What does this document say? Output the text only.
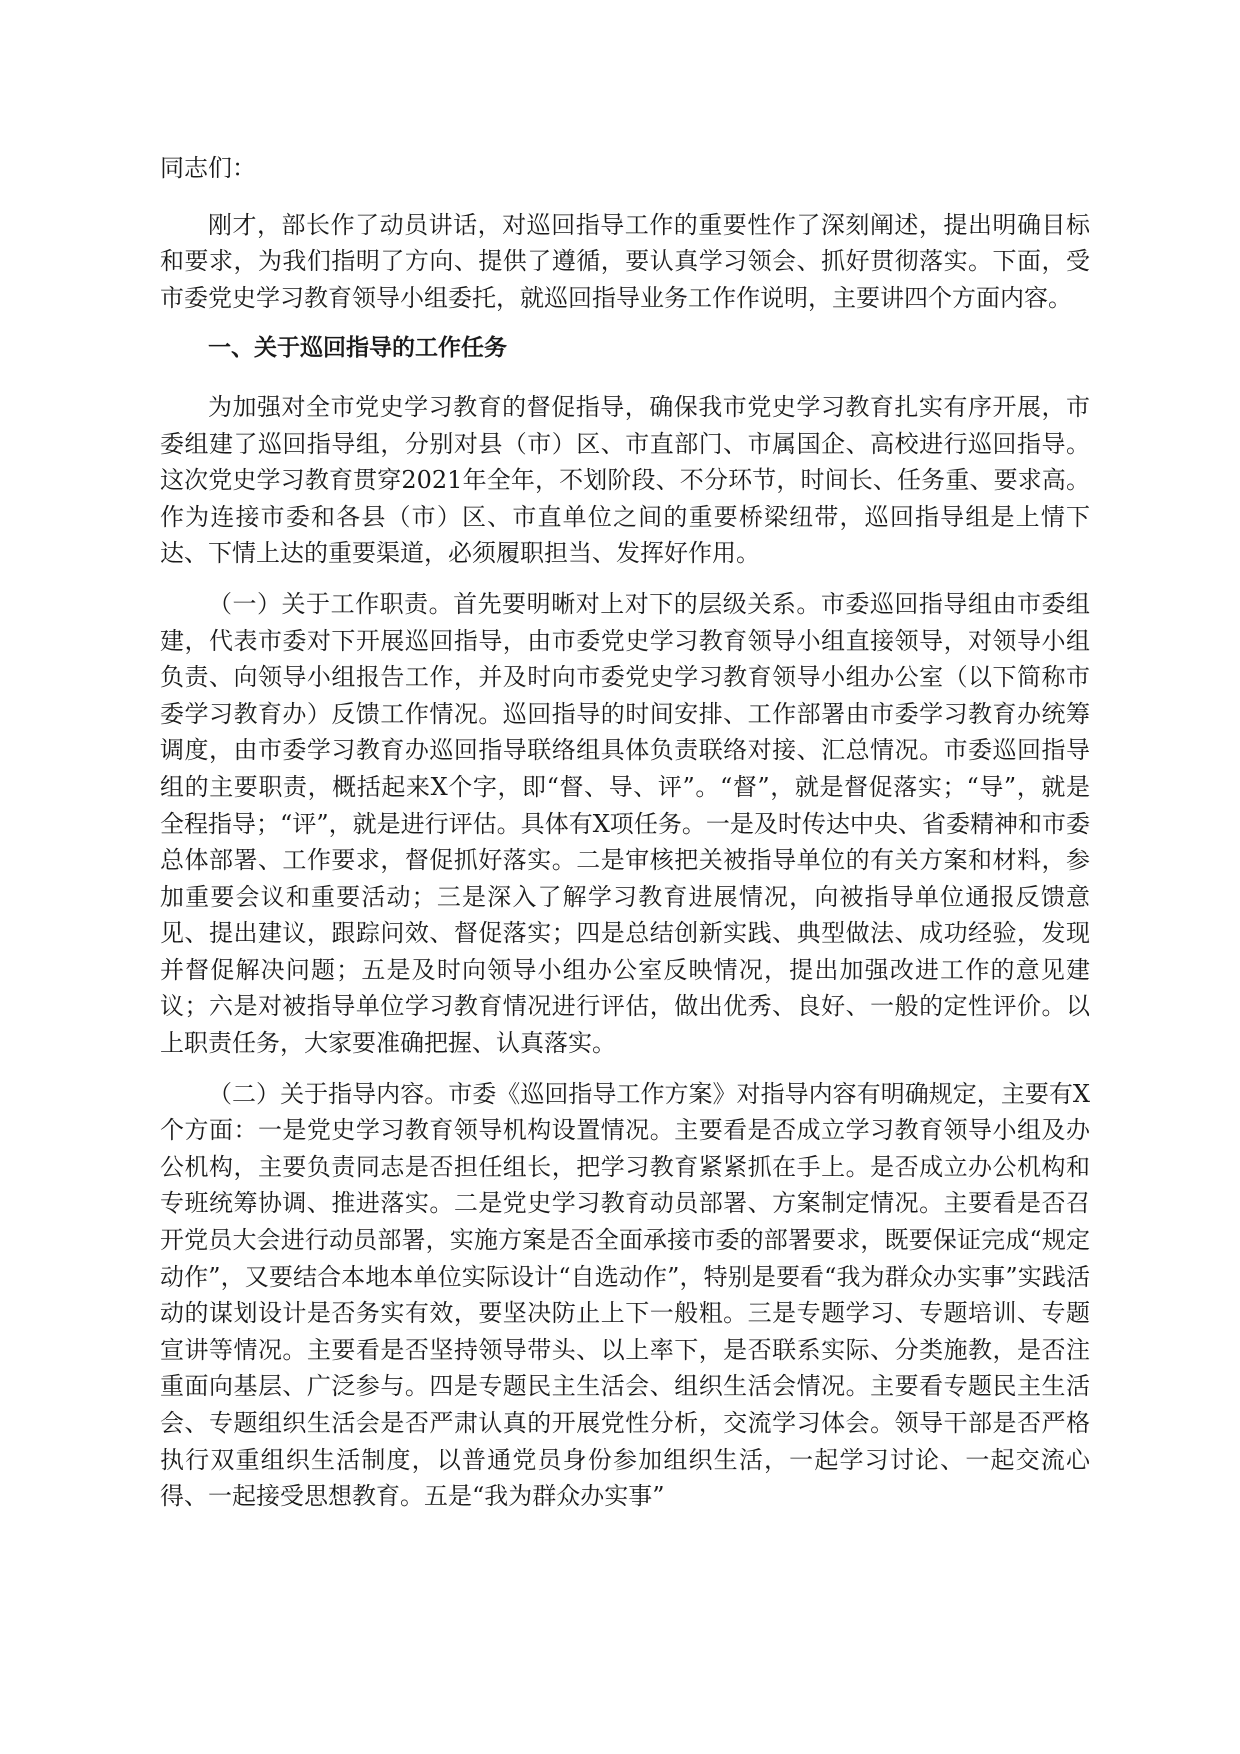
同志们：

刚才，部长作了动员讲话，对巡回指导工作的重要性作了深刻阐述，提出明确目标和要求，为我们指明了方向、提供了遵循，要认真学习领会、抓好贯彻落实。下面，受市委党史学习教育领导小组委托，就巡回指导业务工作作说明，主要讲四个方面内容。

一、关于巡回指导的工作任务

为加强对全市党史学习教育的督促指导，确保我市党史学习教育扎实有序开展，市委组建了巡回指导组，分别对县（市）区、市直部门、市属国企、高校进行巡回指导。这次党史学习教育贯穿2021年全年，不划阶段、不分环节，时间长、任务重、要求高。作为连接市委和各县（市）区、市直单位之间的重要桥梁纽带，巡回指导组是上情下达、下情上达的重要渠道，必须履职担当、发挥好作用。

（一）关于工作职责。首先要明晰对上对下的层级关系。市委巡回指导组由市委组建，代表市委对下开展巡回指导，由市委党史学习教育领导小组直接领导，对领导小组负责、向领导小组报告工作，并及时向市委党史学习教育领导小组办公室（以下简称市委学习教育办）反馈工作情况。巡回指导的时间安排、工作部署由市委学习教育办统筹调度，由市委学习教育办巡回指导联络组具体负责联络对接、汇总情况。市委巡回指导组的主要职责，概括起来X个字，即“督、导、评”。“督”，就是督促落实；“导”，就是全程指导；“评”，就是进行评估。具体有X项任务。一是及时传达中央、省委精神和市委总体部署、工作要求，督促抓好落实。二是审核把关被指导单位的有关方案和材料，参加重要会议和重要活动；三是深入了解学习教育进展情况，向被指导单位通报反馈意见、提出建议，跟踪问效、督促落实；四是总结创新实践、典型做法、成功经验，发现并督促解决问题；五是及时向领导小组办公室反映情况，提出加强改进工作的意见建议；六是对被指导单位学习教育情况进行评估，做出优秀、良好、一般的定性评价。以上职责任务，大家要准确把握、认真落实。

（二）关于指导内容。市委《巡回指导工作方案》对指导内容有明确规定，主要有X个方面：一是党史学习教育领导机构设置情况。主要看是否成立学习教育领导小组及办公机构，主要负责同志是否担任组长，把学习教育紧紧抓在手上。是否成立办公机构和专班统筹协调、推进落实。二是党史学习教育动员部署、方案制定情况。主要看是否召开党员大会进行动员部署，实施方案是否全面承接市委的部署要求，既要保证完成“规定动作”，又要结合本地本单位实际设计“自选动作”，特别是要看“我为群众办实事”实践活动的谋划设计是否务实有效，要坚决防止上下一般粗。三是专题学习、专题培训、专题宣讲等情况。主要看是否坚持领导带头、以上率下，是否联系实际、分类施教，是否注重面向基层、广泛参与。四是专题民主生活会、组织生活会情况。主要看专题民主生活会、专题组织生活会是否严肃认真的开展党性分析，交流学习体会。领导干部是否严格执行双重组织生活制度，以普通党员身份参加组织生活，一起学习讨论、一起交流心得、一起接受思想教育。五是“我为群众办实事”
